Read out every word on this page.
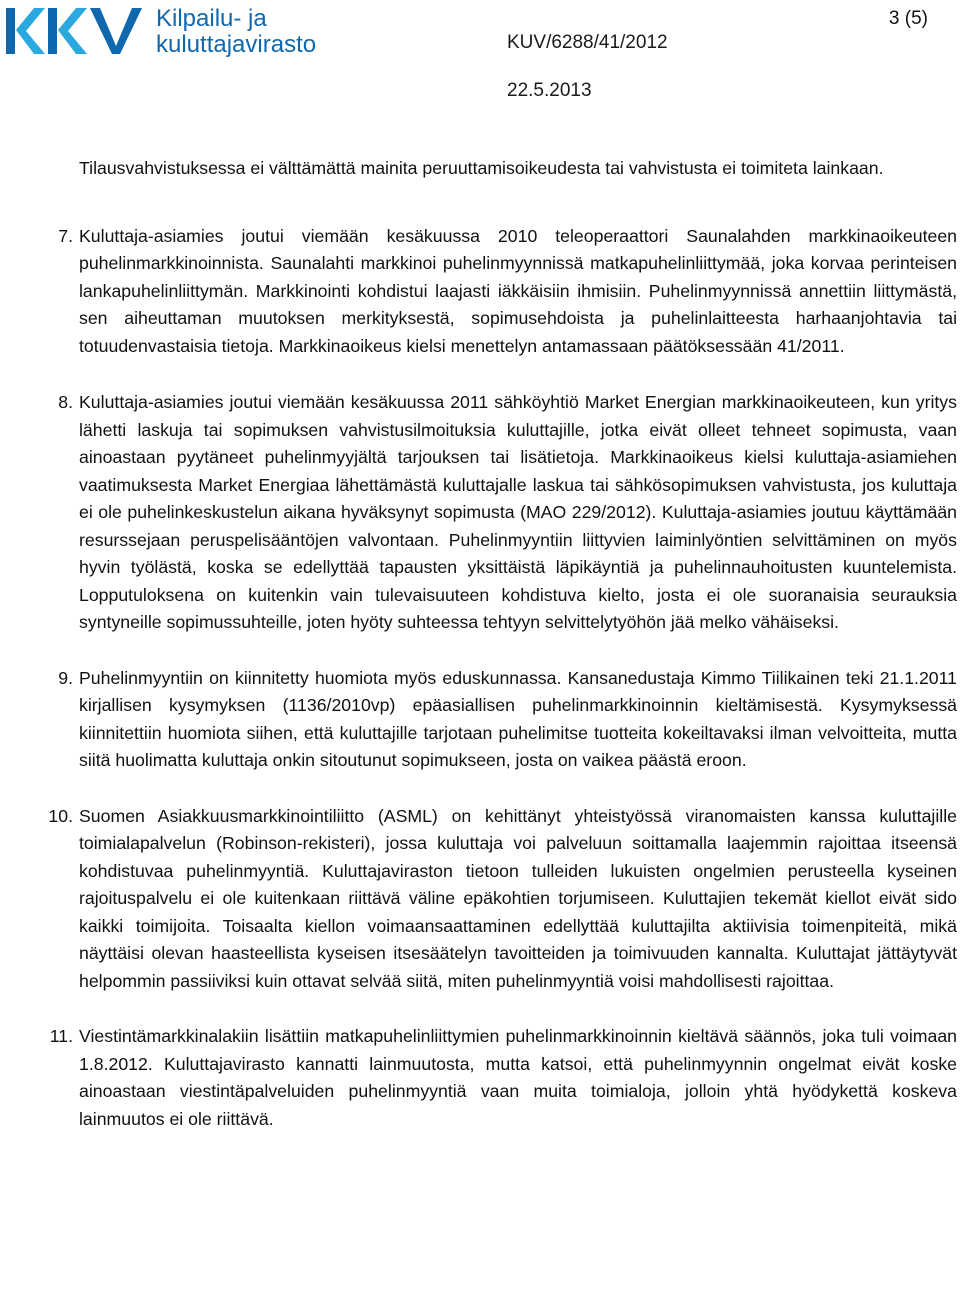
Kilpailu- ja
kuluttajavirasto
3 (5)
KUV/6288/41/2012
22.5.2013

Tilausvahvistuksessa ei välttämättä mainita peruuttamisoikeudesta tai vahvistusta ei toimiteta lainkaan.

7. Kuluttaja-asiamies joutui viemään kesäkuussa 2010 teleoperaattori Saunalahden markkinaoikeuteen puhelinmarkkinoinnista. Saunalahti markkinoi puhelinmyynnissä matkapuhelinliittymää, joka korvaa perinteisen lankapuhelinliittymän. Markkinointi kohdistui laajasti iäkkäisiin ihmisiin. Puhelinmyynnissä annettiin liittymästä, sen aiheuttaman muutoksen merkityksestä, sopimusehdoista ja puhelinlaitteesta harhaanjohtavia tai totuudenvastaisia tietoja. Markkinaoikeus kielsi menettelyn antamassaan päätöksessään 41/2011.

8. Kuluttaja-asiamies joutui viemään kesäkuussa 2011 sähköyhtiö Market Energian markkinaoikeuteen, kun yritys lähetti laskuja tai sopimuksen vahvistusilmoituksia kuluttajille, jotka eivät olleet tehneet sopimusta, vaan ainoastaan pyytäneet puhelinmyyjältä tarjouksen tai lisätietoja. Markkinaoikeus kielsi kuluttaja-asiamiehen vaatimuksesta Market Energiaa lähettämästä kuluttajalle laskua tai sähkösopimuksen vahvistusta, jos kuluttaja ei ole puhelinkeskustelun aikana hyväksynyt sopimusta (MAO 229/2012). Kuluttaja-asiamies joutuu käyttämään resurssejaan peruspelisääntöjen valvontaan. Puhelinmyyntiin liittyvien laiminlyöntien selvittäminen on myös hyvin työlästä, koska se edellyttää tapausten yksittäistä läpikäyntiä ja puhelinnauhoitusten kuuntelemista. Lopputuloksena on kuitenkin vain tulevaisuuteen kohdistuva kielto, josta ei ole suoranaisia seurauksia syntyneille sopimussuhteille, joten hyöty suhteessa tehtyyn selvittelytyöhön jää melko vähäiseksi.

9. Puhelinmyyntiin on kiinnitetty huomiota myös eduskunnassa. Kansanedustaja Kimmo Tiilikainen teki 21.1.2011 kirjallisen kysymyksen (1136/2010vp) epäasiallisen puhelinmarkkinoinnin kieltämisestä. Kysymyksessä kiinnitettiin huomiota siihen, että kuluttajille tarjotaan puhelimitse tuotteita kokeiltavaksi ilman velvoitteita, mutta siitä huolimatta kuluttaja onkin sitoutunut sopimukseen, josta on vaikea päästä eroon.

10. Suomen Asiakkuusmarkkinointiliitto (ASML) on kehittänyt yhteistyössä viranomaisten kanssa kuluttajille toimialapalvelun (Robinson-rekisteri), jossa kuluttaja voi palveluun soittamalla laajemmin rajoittaa itseensä kohdistuvaa puhelinmyyntiä. Kuluttajaviraston tietoon tulleiden lukuisten ongelmien perusteella kyseinen rajoituspalvelu ei ole kuitenkaan riittävä väline epäkohtien torjumiseen. Kuluttajien tekemät kiellot eivät sido kaikki toimijoita. Toisaalta kiellon voimaansaattaminen edellyttää kuluttajilta aktiivisia toimenpiteitä, mikä näyttäisi olevan haasteellista kyseisen itsesäätelyn tavoitteiden ja toimivuuden kannalta. Kuluttajat jättäytyvät helpommin passiiviksi kuin ottavat selvää siitä, miten puhelinmyyntiä voisi mahdollisesti rajoittaa.

11. Viestintämarkkinalakiin lisättiin matkapuhelinliittymien puhelinmarkkinoinnin kieltävä säännös, joka tuli voimaan 1.8.2012. Kuluttajavirasto kannatti lainmuutosta, mutta katsoi, että puhelinmyynnin ongelmat eivät koske ainoastaan viestintäpalveluiden puhelinmyyntiä vaan muita toimialoja, jolloin yhtä hyödykettä koskeva lainmuutos ei ole riittävä.
